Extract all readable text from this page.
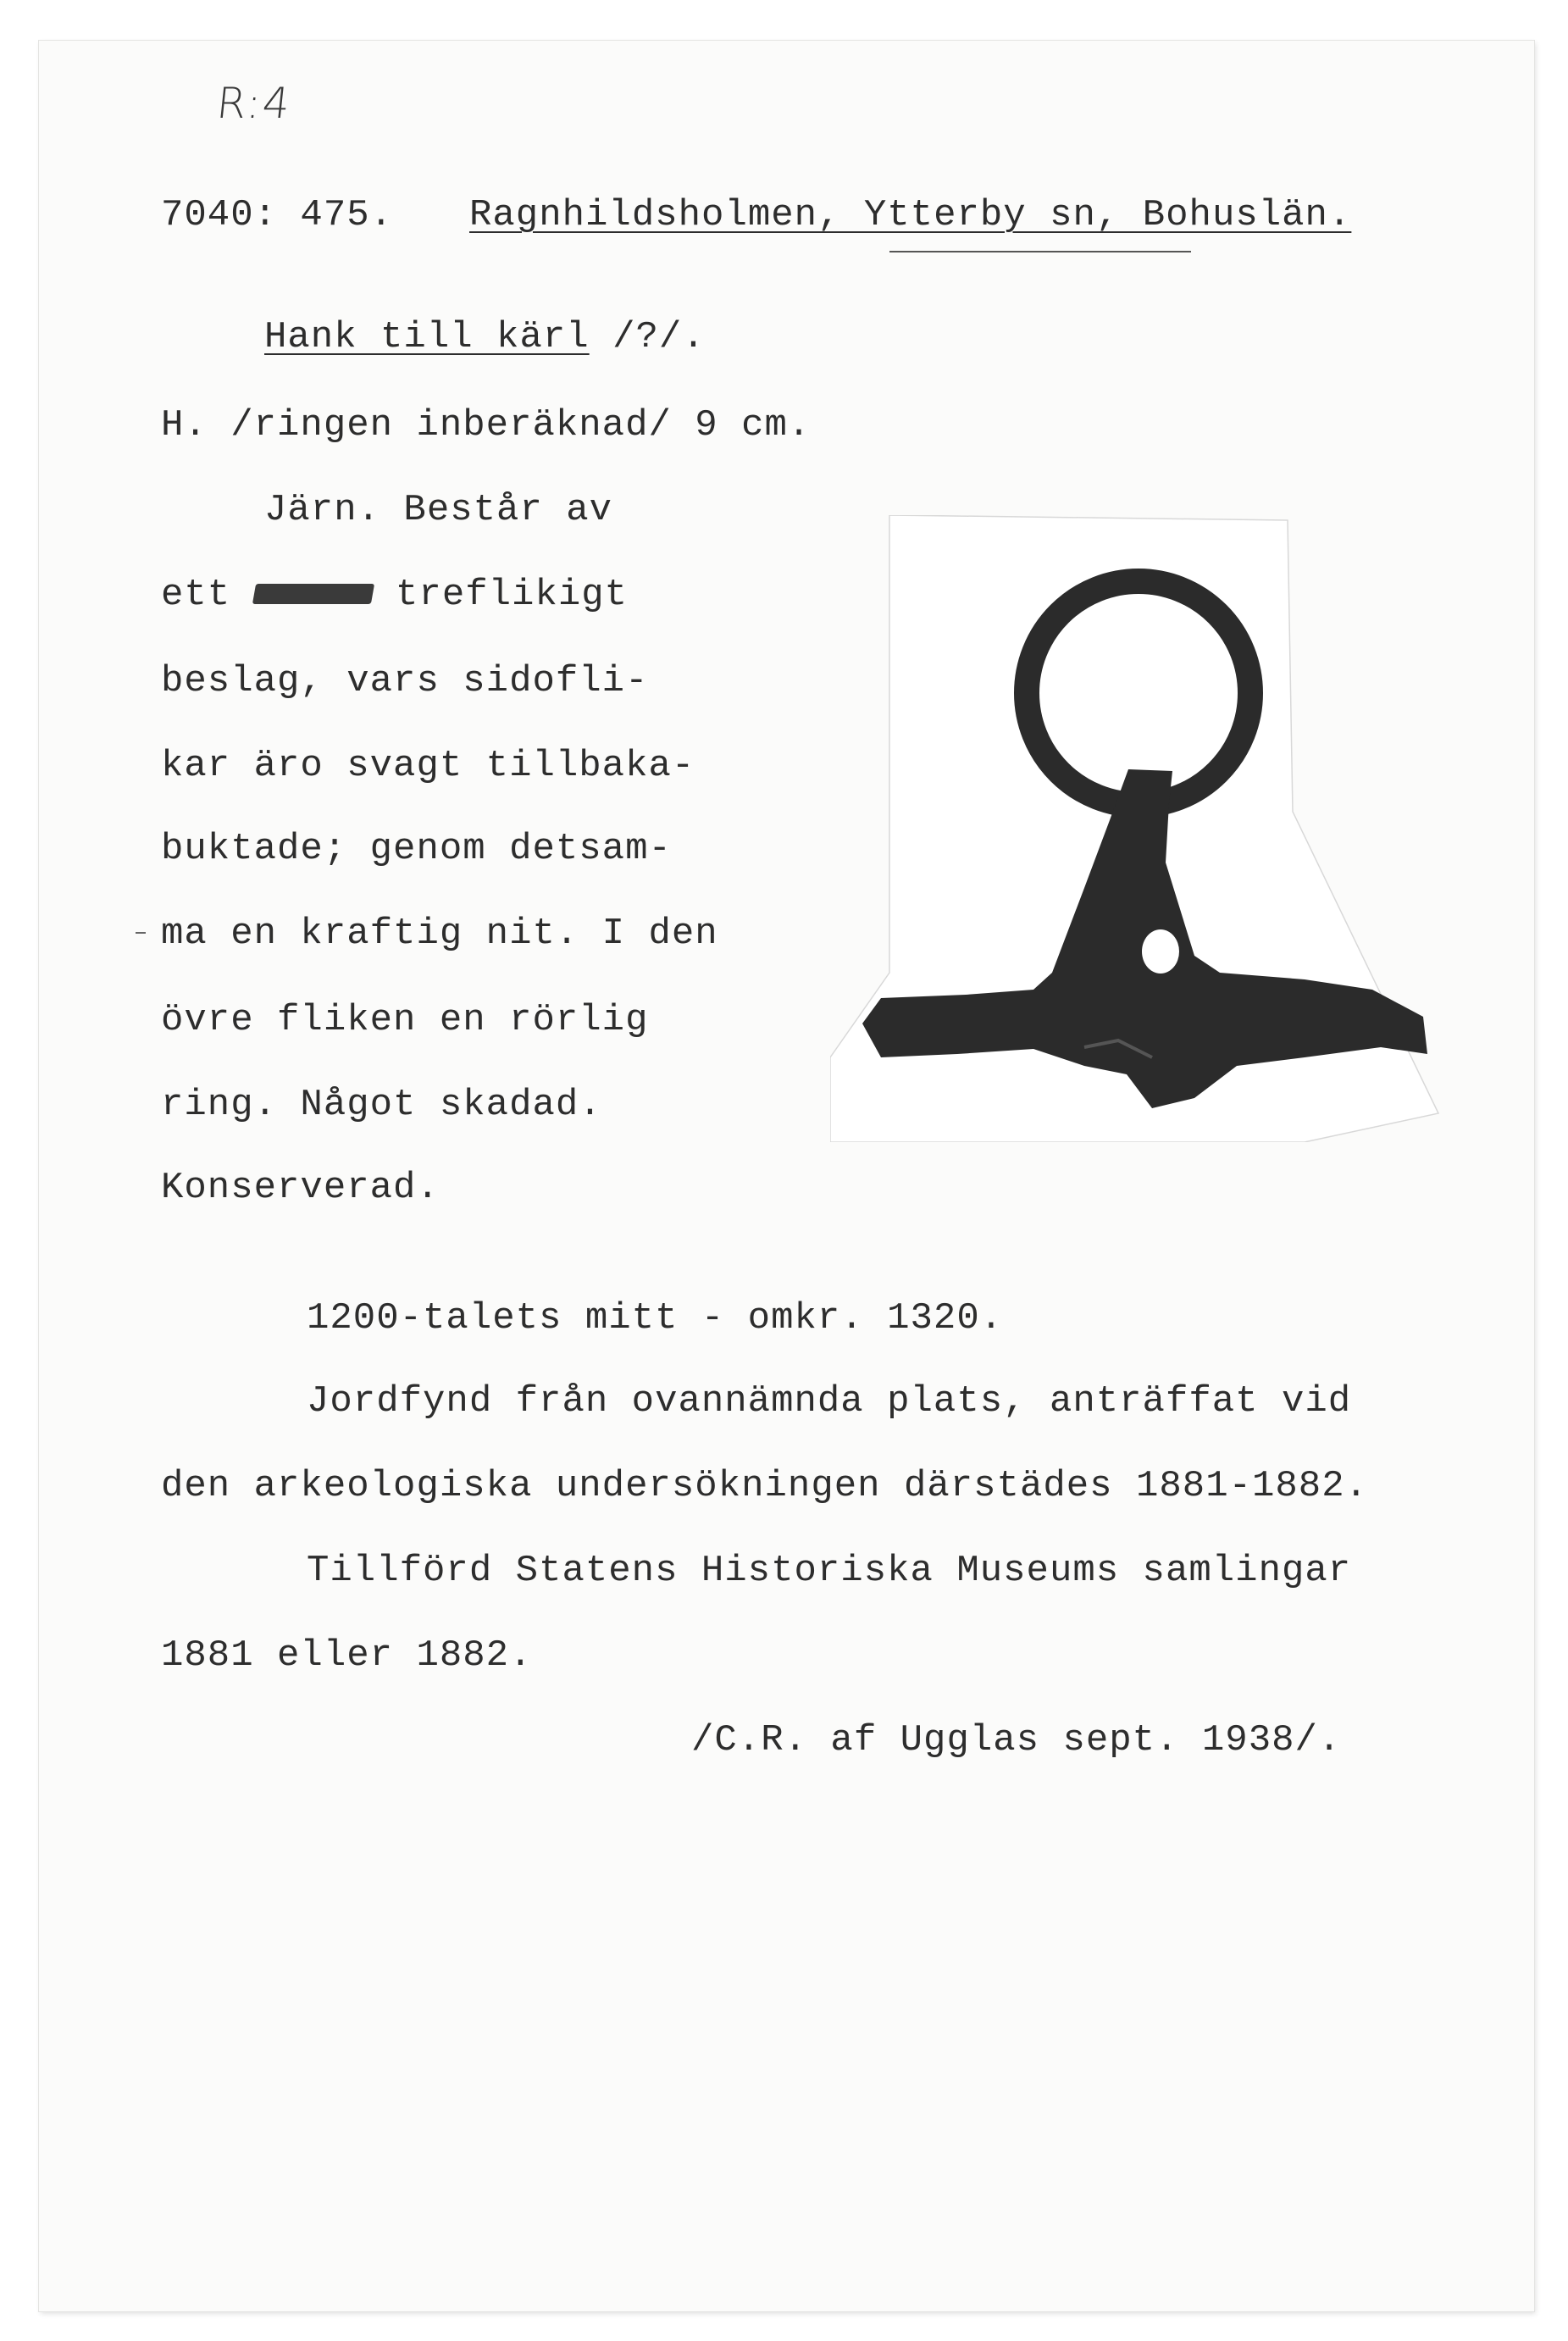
R:4
7040: 475. Ragnhildsholmen, Ytterby sn, Bohuslän.
Hank till kärl /?/.
H. /ringen inberäknad/ 9 cm.
Järn. Består av
ett	treflikigt
beslag, vars sidofli-
kar äro svagt tillbaka-
buktade; genom detsam-
ma en kraftig nit. I den
övre fliken en rörlig
ring. Något skadad.
Konserverad.
1200-talets mitt - omkr. 1320.
Jordfynd från ovannämnda plats, anträffat vid
den arkeologiska undersökningen därstädes 1881-1882.
Tillförd Statens Historiska Museums samlingar
1881 eller 1882.
/C.R. af Ugglas sept. 1938/.
